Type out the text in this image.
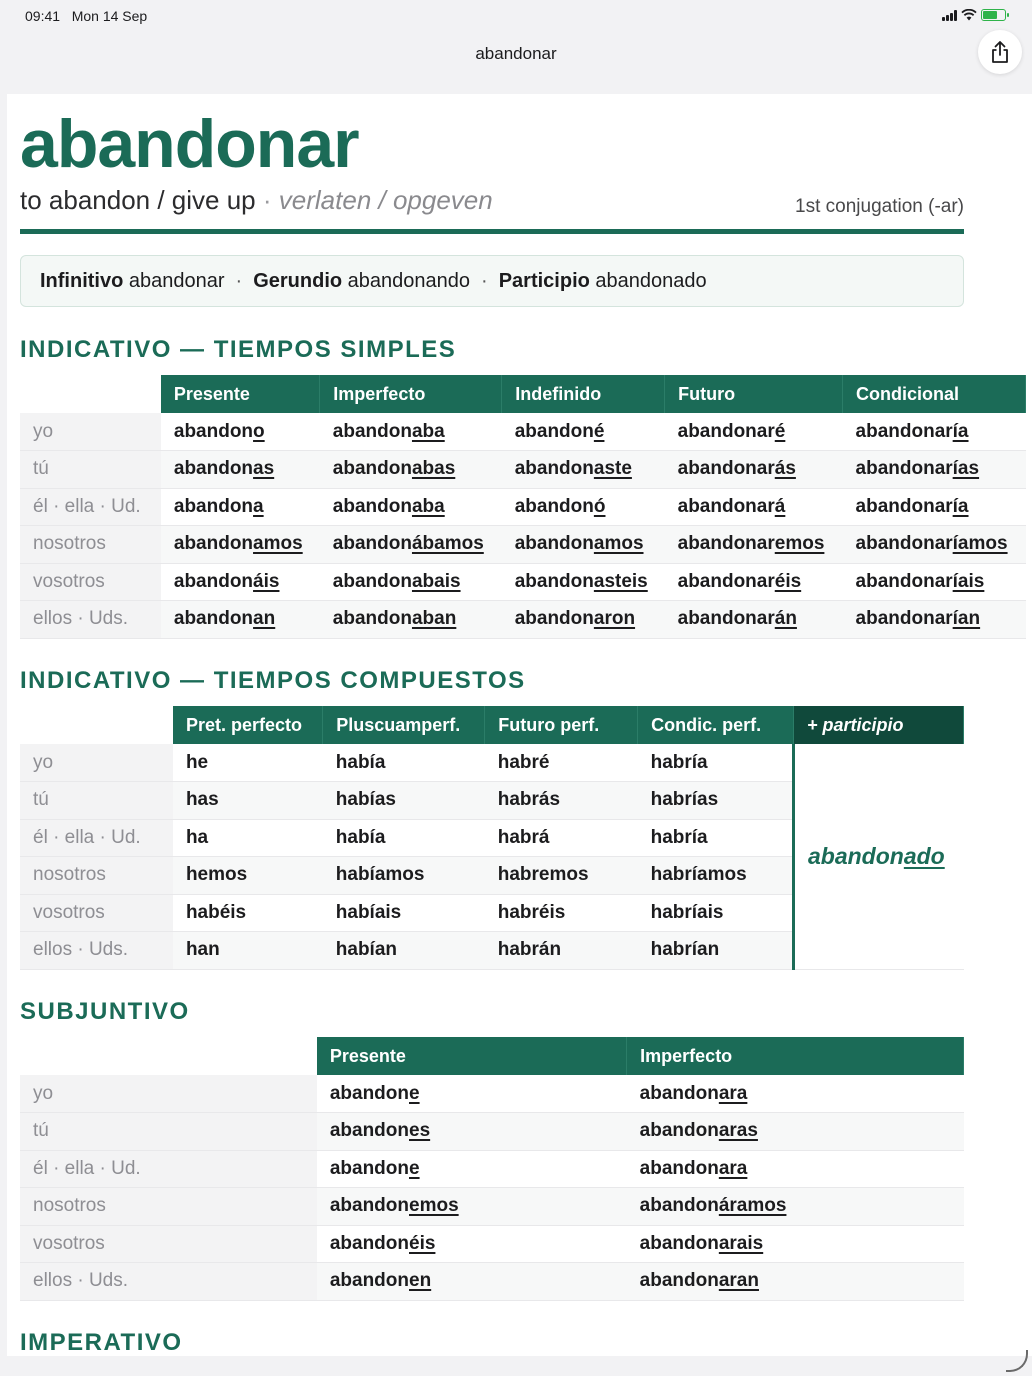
09:41 Mon 14 Sep
abandonar
abandonar
to abandon / give up · verlaten / opgeven	1st conjugation (-ar)
Infinitivo abandonar · Gerundio abandonando · Participio abandonado
INDICATIVO — TIEMPOS SIMPLES
	Presente	Imperfecto	Indefinido	Futuro	Condicional
yo	abandono	abandonaba	abandoné	abandonaré	abandonaría
tú	abandonas	abandonabas	abandonaste	abandonarás	abandonarías
él · ella · Ud.	abandona	abandonaba	abandonó	abandonará	abandonaría
nosotros	abandonamos	abandonábamos	abandonamos	abandonaremos	abandonaríamos
vosotros	abandonáis	abandonabais	abandonasteis	abandonaréis	abandonaríais
ellos · Uds.	abandonan	abandonaban	abandonaron	abandonarán	abandonarían
INDICATIVO — TIEMPOS COMPUESTOS
	Pret. perfecto	Pluscuamperf.	Futuro perf.	Condic. perf.	+ participio
yo	he	había	habré	habría	abandonado
tú	has	habías	habrás	habrías	
él · ella · Ud.	ha	había	habrá	habría	
nosotros	hemos	habíamos	habremos	habríamos	
vosotros	habéis	habíais	habréis	habríais	
ellos · Uds.	han	habían	habrán	habrían	
SUBJUNTIVO
	Presente	Imperfecto
yo	abandone	abandonara
tú	abandones	abandonaras
él · ella · Ud.	abandone	abandonara
nosotros	abandonemos	abandonáramos
vosotros	abandonéis	abandonarais
ellos · Uds.	abandonen	abandonaran
IMPERATIVO
